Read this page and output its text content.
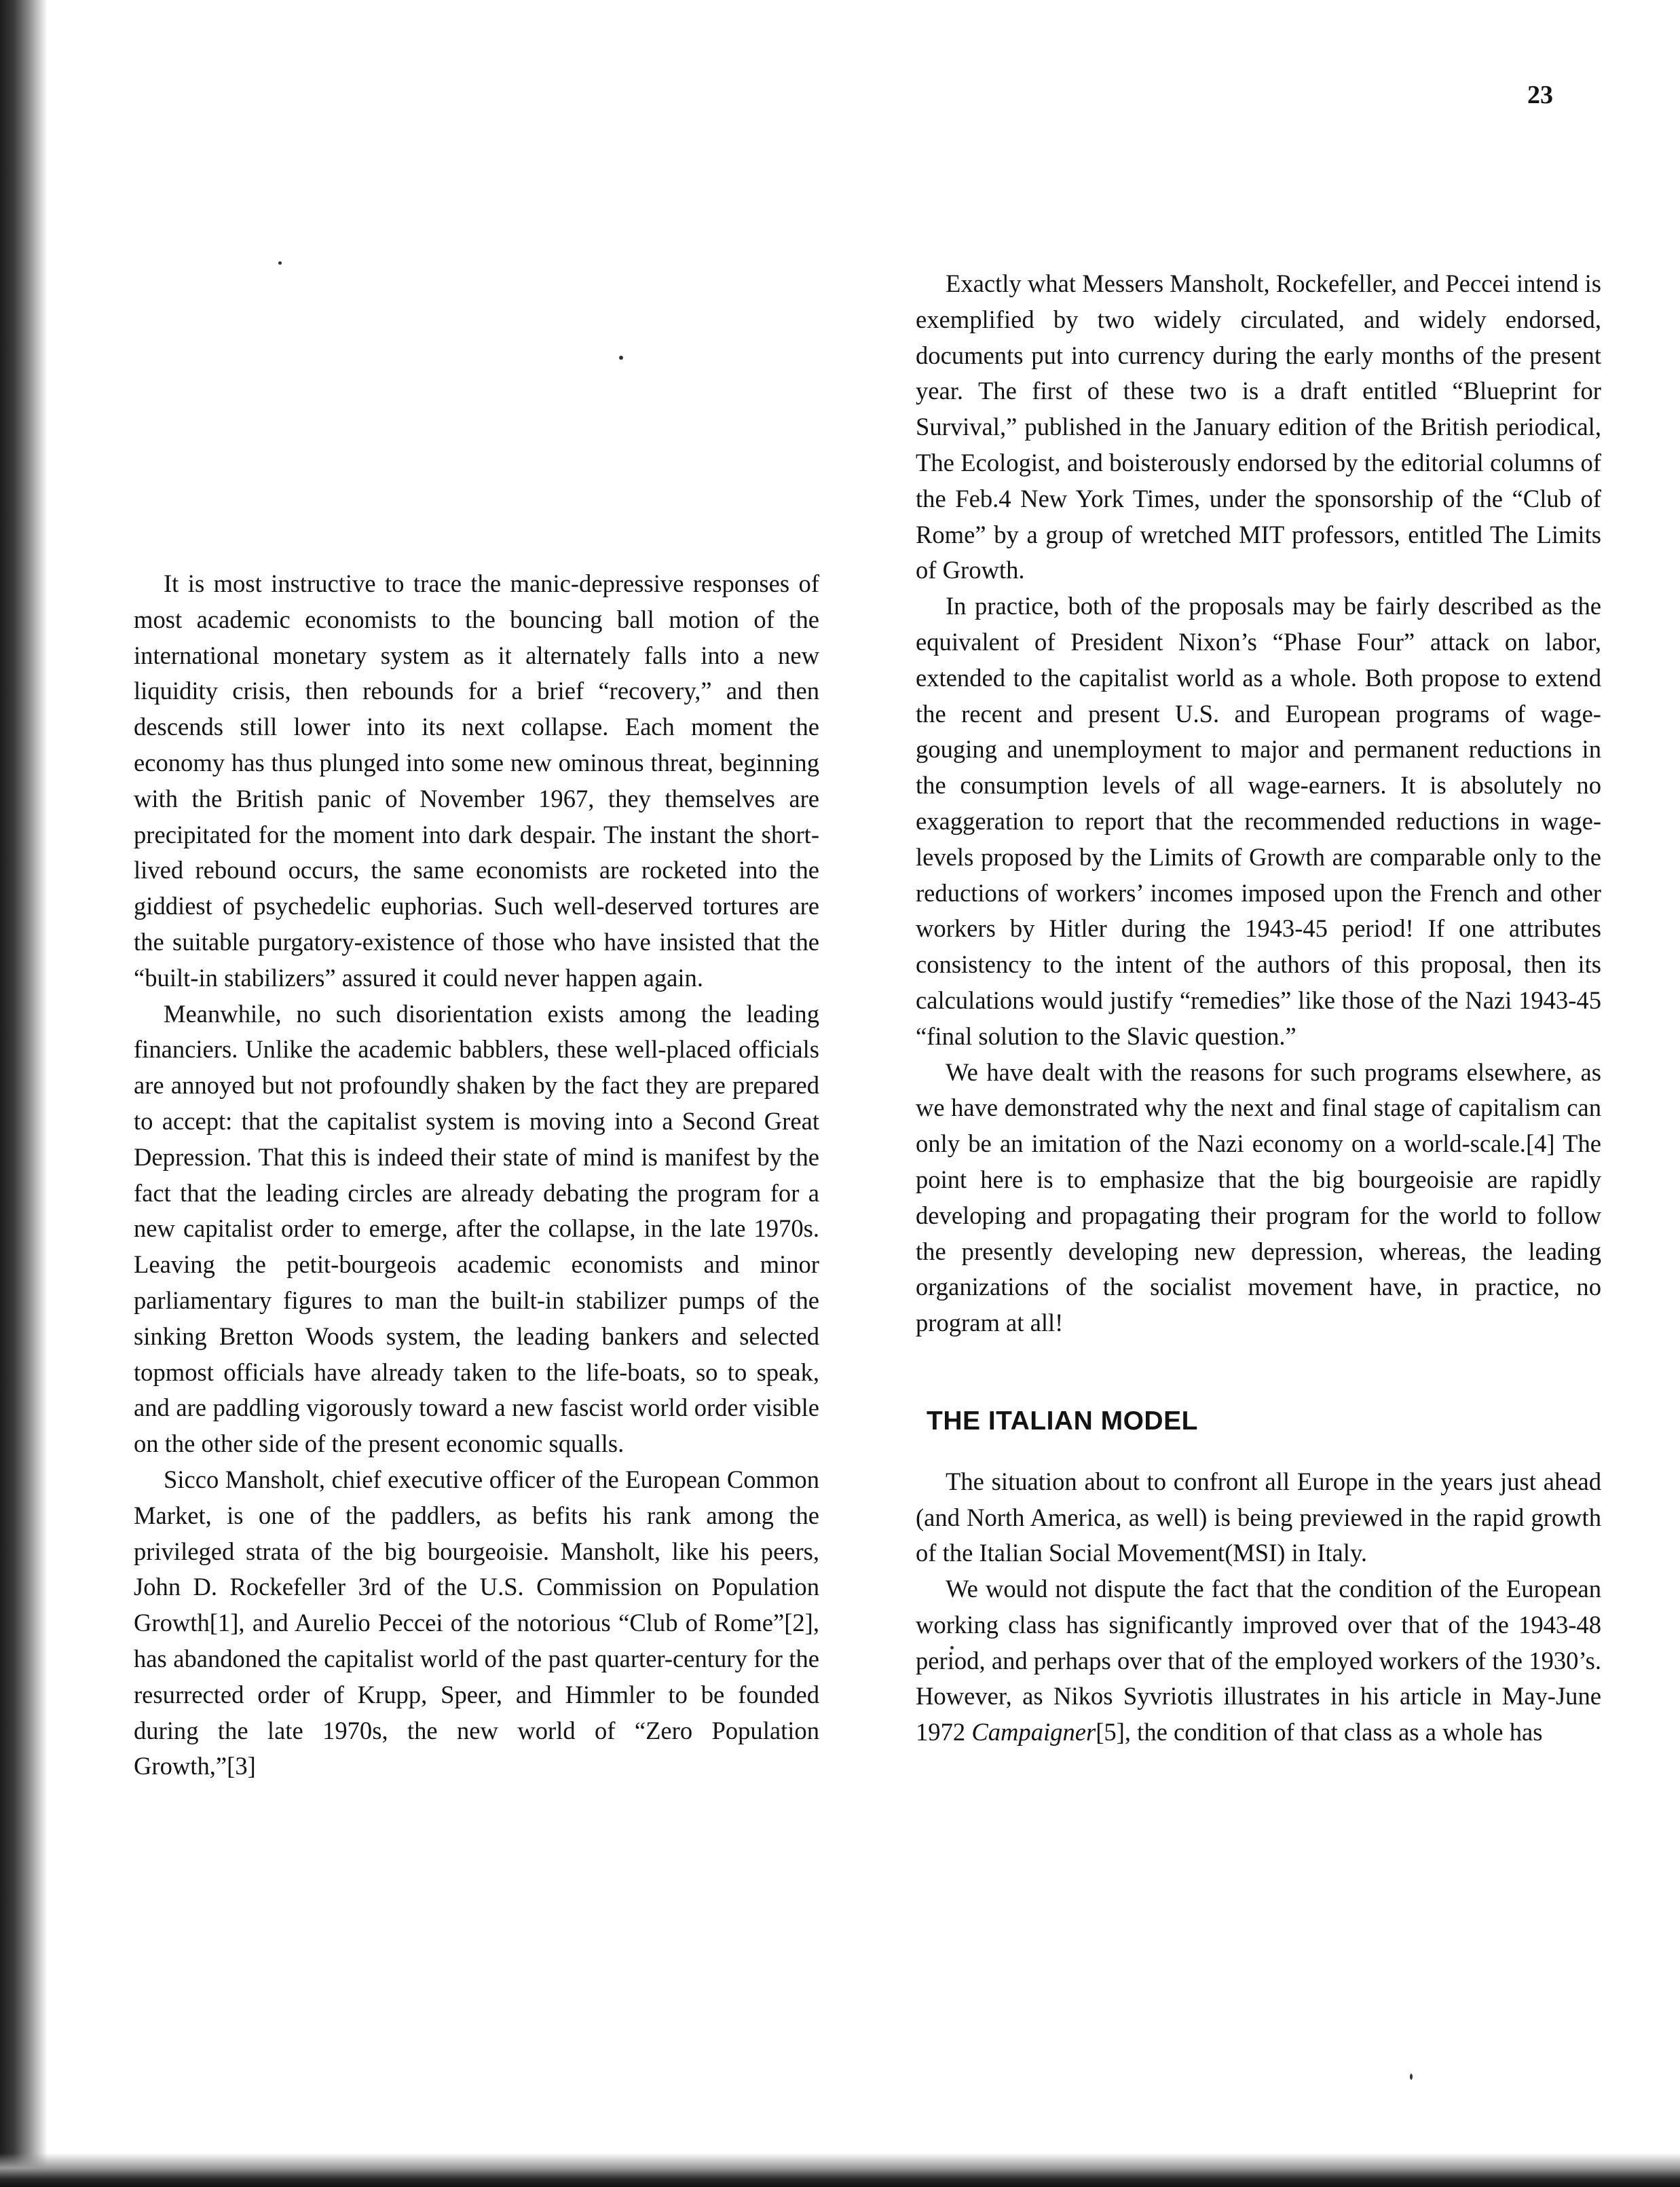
23

It is most instructive to trace the manic-depressive responses of most academic economists to the bouncing ball motion of the international monetary system as it alternately falls into a new liquidity crisis, then rebounds for a brief “recovery,” and then descends still lower into its next collapse. Each moment the economy has thus plunged into some new ominous threat, beginning with the British panic of November 1967, they themselves are precipitated for the moment into dark despair. The instant the short-lived rebound occurs, the same economists are rocketed into the giddiest of psychedelic euphorias. Such well-deserved tortures are the suitable purgatory-existence of those who have insisted that the “built-in stabilizers” assured it could never happen again.

Meanwhile, no such disorientation exists among the leading financiers. Unlike the academic babblers, these well-placed officials are annoyed but not profoundly shaken by the fact they are prepared to accept: that the capitalist system is moving into a Second Great Depression. That this is indeed their state of mind is manifest by the fact that the leading circles are already debating the program for a new capitalist order to emerge, after the collapse, in the late 1970s. Leaving the petit-bourgeois academic economists and minor parliamentary figures to man the built-in stabilizer pumps of the sinking Bretton Woods system, the leading bankers and selected topmost officials have already taken to the life-boats, so to speak, and are paddling vigorously toward a new fascist world order visible on the other side of the present economic squalls.

Sicco Mansholt, chief executive officer of the European Common Market, is one of the paddlers, as befits his rank among the privileged strata of the big bourgeoisie. Mansholt, like his peers, John D. Rockefeller 3rd of the U.S. Commission on Population Growth[1], and Aurelio Peccei of the notorious “Club of Rome”[2], has abandoned the capitalist world of the past quarter-century for the resurrected order of Krupp, Speer, and Himmler to be founded during the late 1970s, the new world of “Zero Population Growth,”[3]

Exactly what Messers Mansholt, Rockefeller, and Peccei intend is exemplified by two widely circulated, and widely endorsed, documents put into currency during the early months of the present year. The first of these two is a draft entitled “Blueprint for Survival,” published in the January edition of the British periodical, The Ecologist, and boisterously endorsed by the editorial columns of the Feb.4 New York Times, under the sponsorship of the “Club of Rome” by a group of wretched MIT professors, entitled The Limits of Growth.

In practice, both of the proposals may be fairly described as the equivalent of President Nixon’s “Phase Four” attack on labor, extended to the capitalist world as a whole. Both propose to extend the recent and present U.S. and European programs of wage-gouging and unemployment to major and permanent reductions in the consumption levels of all wage-earners. It is absolutely no exaggeration to report that the recommended reductions in wage-levels proposed by the Limits of Growth are comparable only to the reductions of workers’ incomes imposed upon the French and other workers by Hitler during the 1943-45 period! If one attributes consistency to the intent of the authors of this proposal, then its calculations would justify “remedies” like those of the Nazi 1943-45 “final solution to the Slavic question.”

We have dealt with the reasons for such programs elsewhere, as we have demonstrated why the next and final stage of capitalism can only be an imitation of the Nazi economy on a world-scale.[4] The point here is to emphasize that the big bourgeoisie are rapidly developing and propagating their program for the world to follow the presently developing new depression, whereas, the leading organizations of the socialist movement have, in practice, no program at all!

THE ITALIAN MODEL

The situation about to confront all Europe in the years just ahead (and North America, as well) is being previewed in the rapid growth of the Italian Social Movement(MSI) in Italy.

We would not dispute the fact that the condition of the European working class has significantly improved over that of the 1943-48 period, and perhaps over that of the employed workers of the 1930’s. However, as Nikos Syvriotis illustrates in his article in May-June 1972 Campaigner[5], the condition of that class as a whole has
